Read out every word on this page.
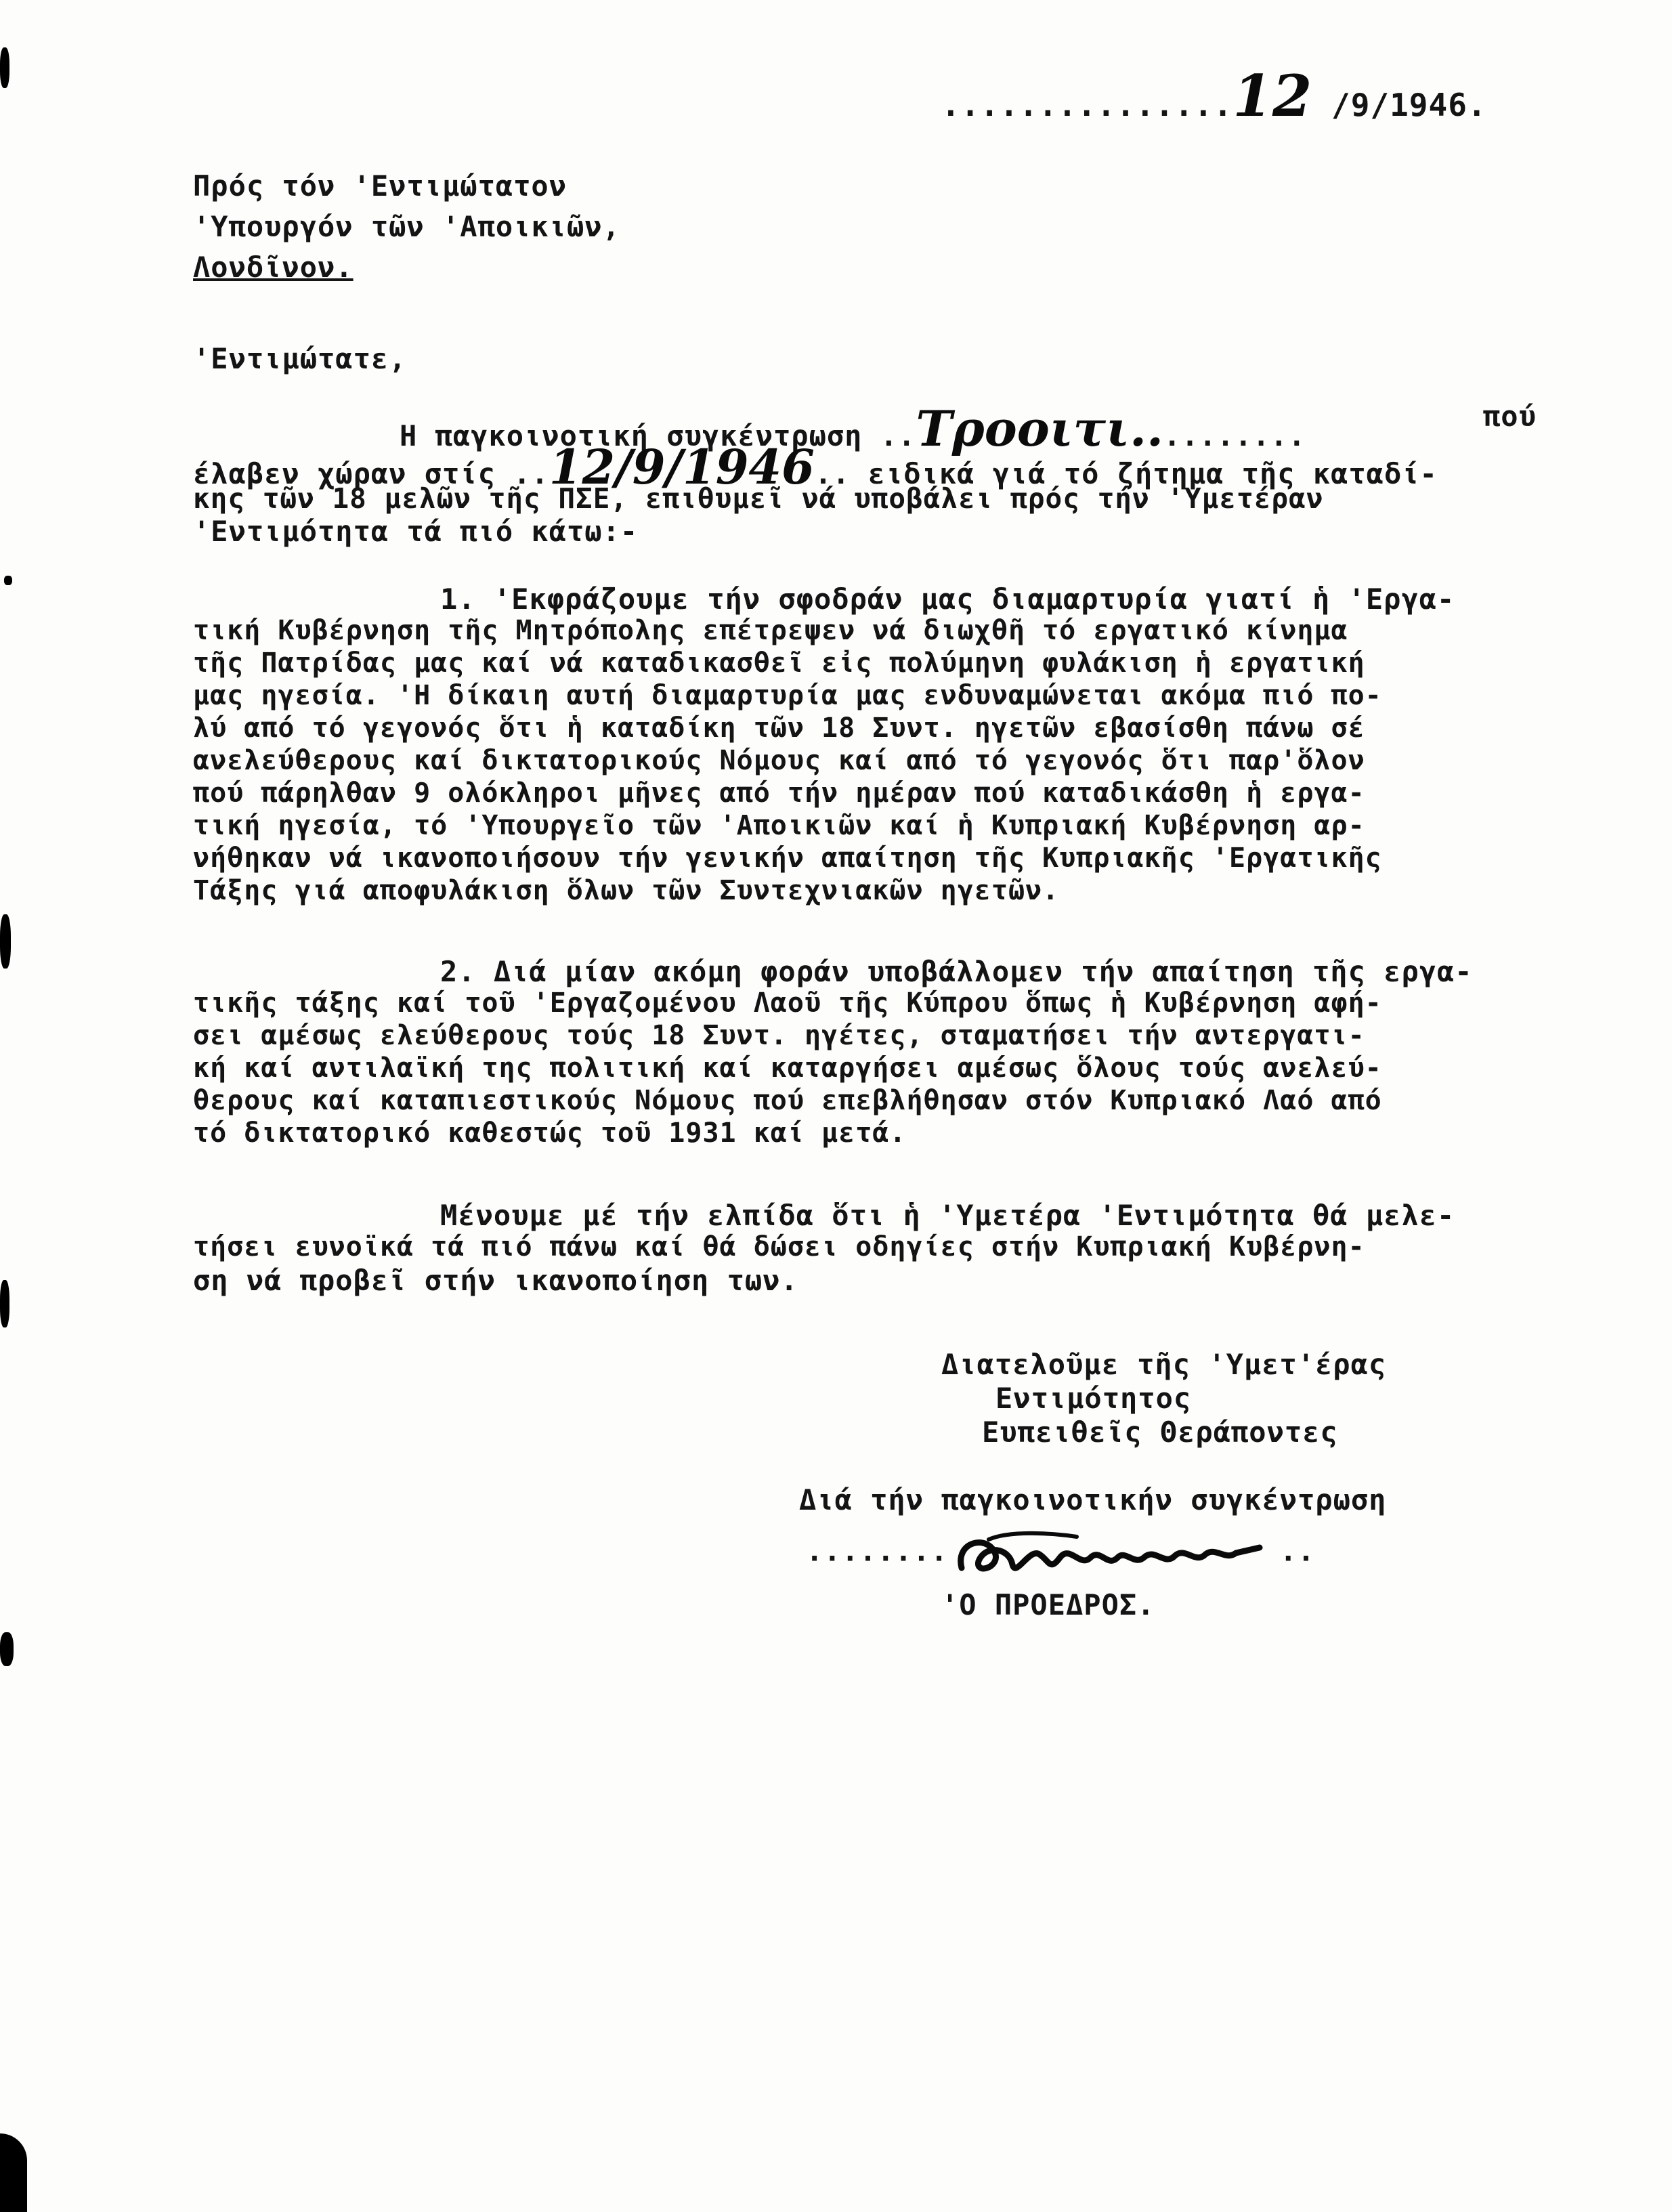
...............12 /9/1946.
Πρός τόν 'Εντιμώτατον
'Υπουργόν τῶν 'Αποικιῶν,
Λονδῖνον.
'Εντιμώτατε,
Η παγκοινοτική συγκέντρωση ..Τροοιτι..........
πού
έλαβεν χώραν στίς ..12/9/1946.. ειδικά γιά τό ζήτημα τῆς καταδί-
κης τῶν 18 μελῶν τῆς ΠΣΕ, επιθυμεῖ νά υποβάλει πρός τήν 'Υμετέραν
'Εντιμότητα τά πιό κάτω:-
1. 'Εκφράζουμε τήν σφοδράν μας διαμαρτυρία γιατί ἡ 'Εργα-
τική Κυβέρνηση τῆς Μητρόπολης επέτρεψεν νά διωχθῆ τό εργατικό κίνημα
τῆς Πατρίδας μας καί νά καταδικασθεῖ εἰς πολύμηνη φυλάκιση ἡ εργατική
μας ηγεσία. 'Η δίκαιη αυτή διαμαρτυρία μας ενδυναμώνεται ακόμα πιό πο-
λύ από τό γεγονός ὅτι ἡ καταδίκη τῶν 18 Συντ. ηγετῶν εβασίσθη πάνω σέ
ανελεύθερους καί δικτατορικούς Νόμους καί από τό γεγονός ὅτι παρ'ὅλον
πού πάρηλθαν 9 ολόκληροι μῆνες από τήν ημέραν πού καταδικάσθη ἡ εργα-
τική ηγεσία, τό 'Υπουργεῖο τῶν 'Αποικιῶν καί ἡ Κυπριακή Κυβέρνηση αρ-
νήθηκαν νά ικανοποιήσουν τήν γενικήν απαίτηση τῆς Κυπριακῆς 'Εργατικῆς
Τάξης γιά αποφυλάκιση ὅλων τῶν Συντεχνιακῶν ηγετῶν.
2. Διά μίαν ακόμη φοράν υποβάλλομεν τήν απαίτηση τῆς εργα-
τικῆς τάξης καί τοῦ 'Εργαζομένου Λαοῦ τῆς Κύπρου ὅπως ἡ Κυβέρνηση αφή-
σει αμέσως ελεύθερους τούς 18 Συντ. ηγέτες, σταματήσει τήν αντεργατι-
κή καί αντιλαϊκή της πολιτική καί καταργήσει αμέσως ὅλους τούς ανελεύ-
θερους καί καταπιεστικούς Νόμους πού επεβλήθησαν στόν Κυπριακό Λαό από
τό δικτατορικό καθεστώς τοῦ 1931 καί μετά.
Μένουμε μέ τήν ελπίδα ὅτι ἡ 'Υμετέρα 'Εντιμότητα θά μελε-
τήσει ευνοϊκά τά πιό πάνω καί θά δώσει οδηγίες στήν Κυπριακή Κυβέρνη-
ση νά προβεῖ στήν ικανοποίηση των.
Διατελοῦμε τῆς 'Υμετ'έρας
Εντιμότητος
Ευπειθεῖς Θεράποντες
Διά τήν παγκοινοτικήν συγκέντρωση
........	..
'Ο ΠΡΟΕΔΡΟΣ.
